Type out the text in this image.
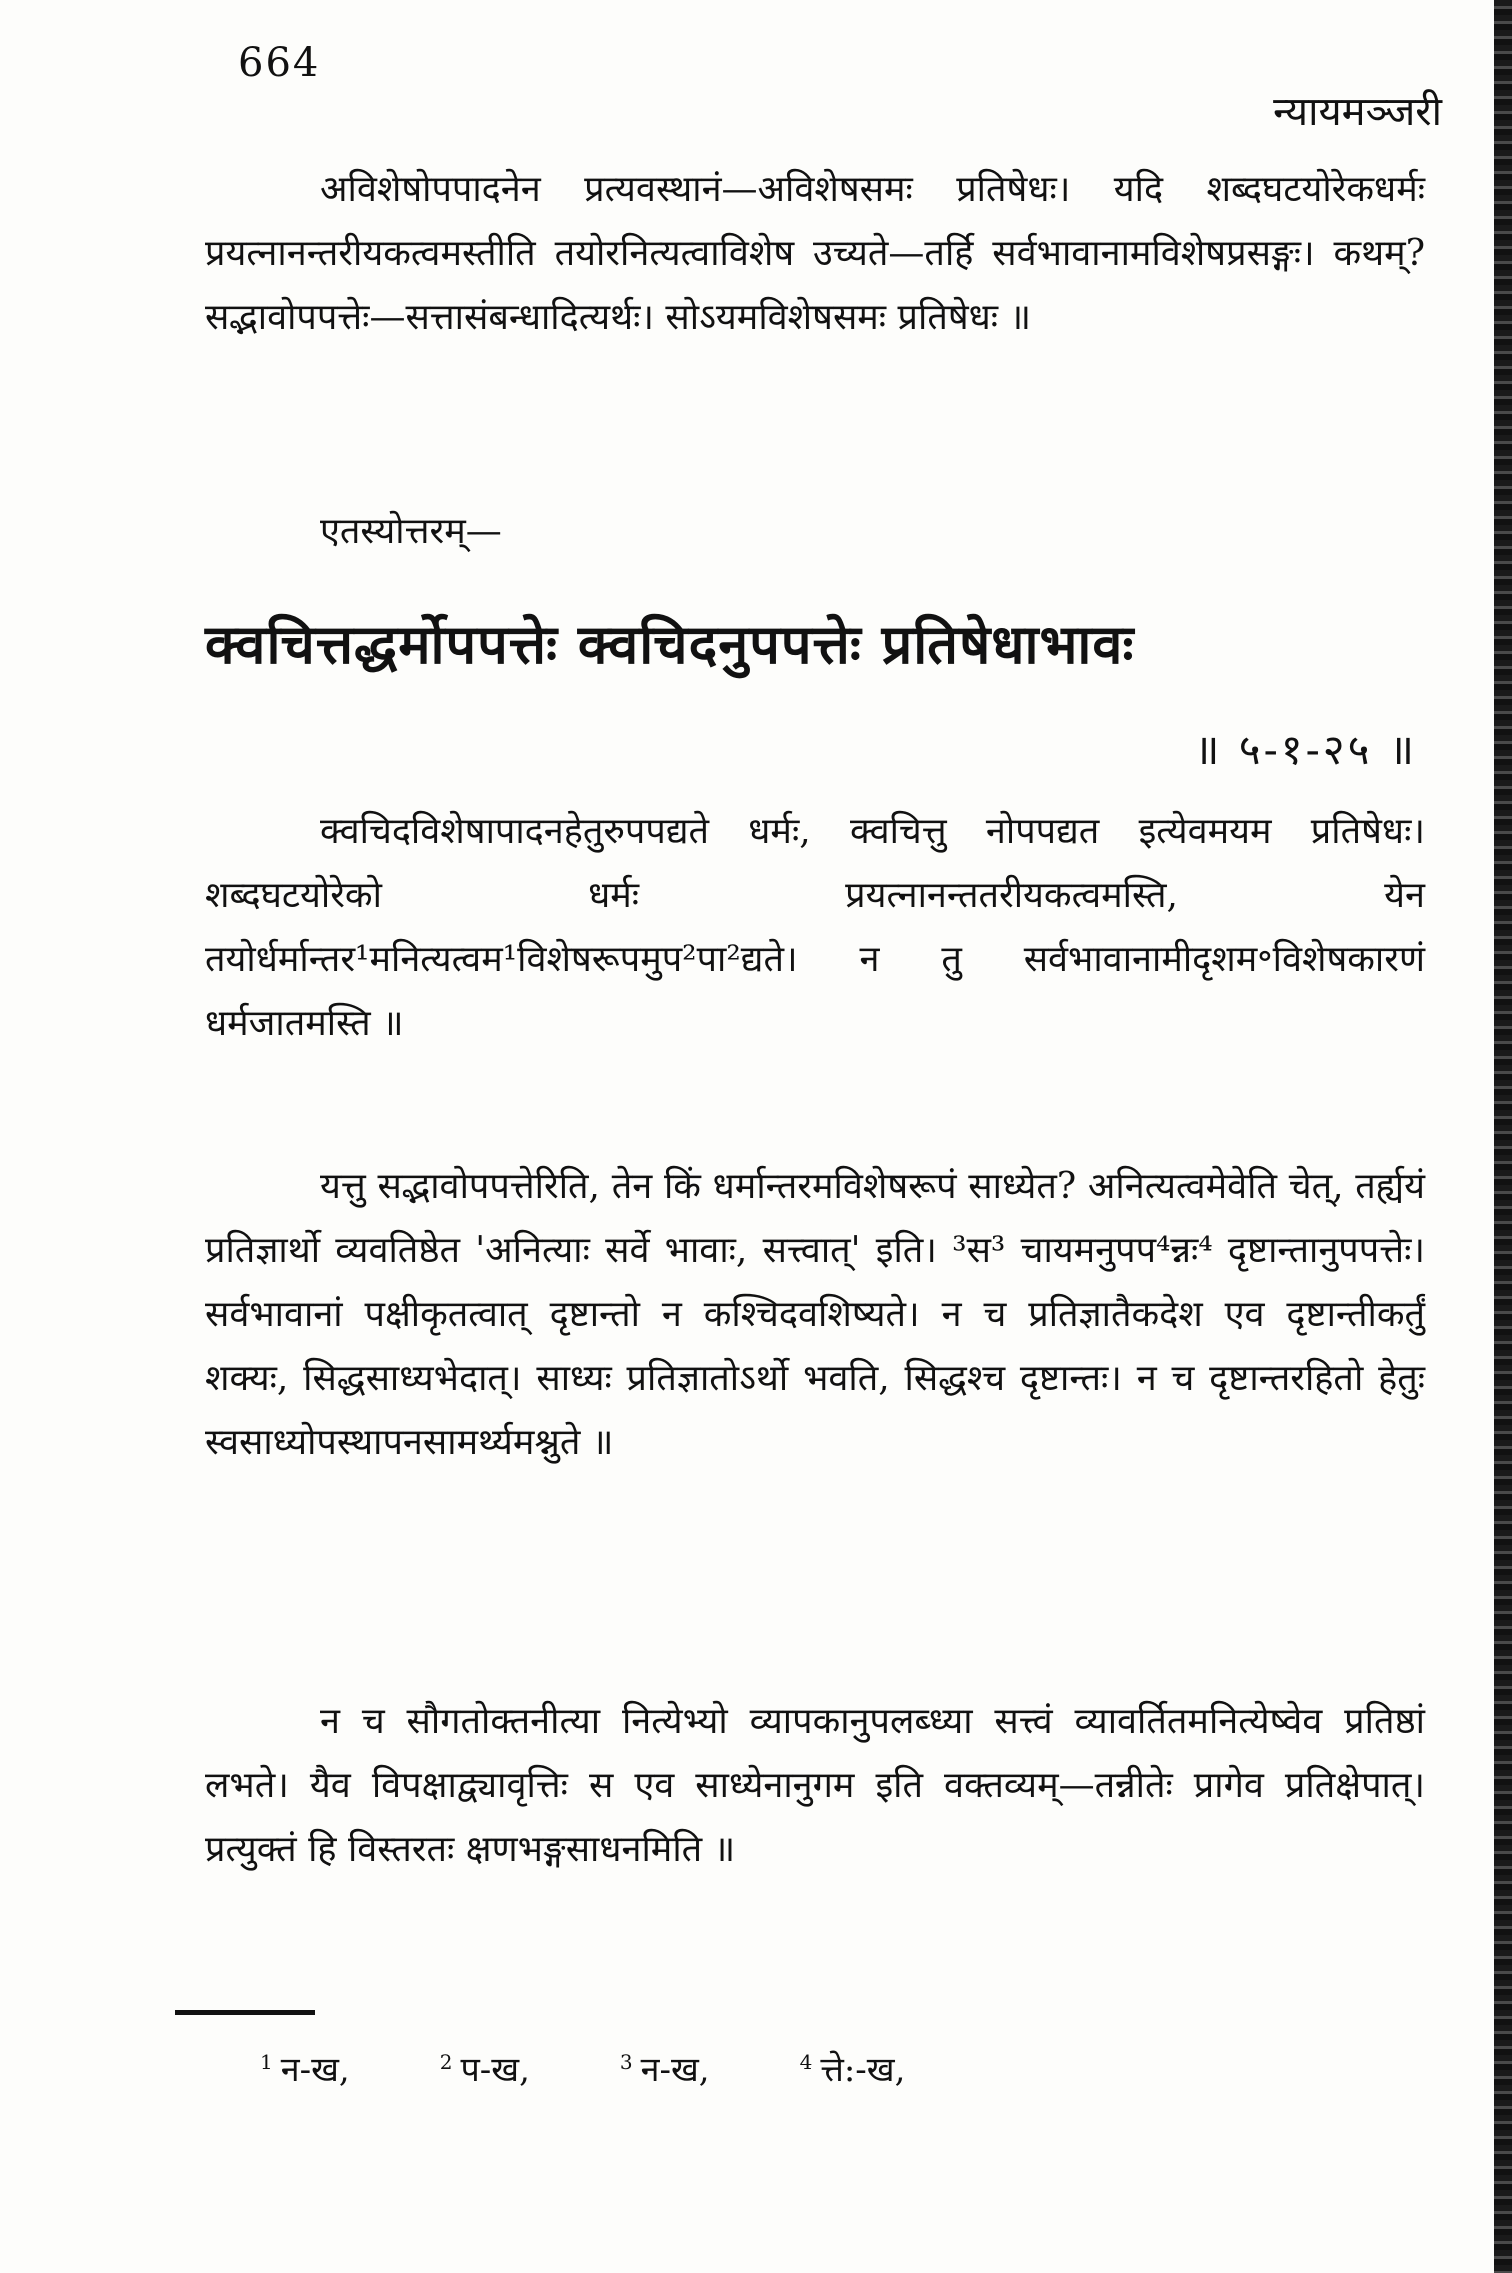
664
न्यायमञ्जरी
अविशेषोपपादनेन प्रत्यवस्थानं—अविशेषसमः प्रतिषेधः। यदि शब्दघटयोरेकधर्मः प्रयत्नानन्तरीयकत्वमस्तीति तयोरनित्यत्वाविशेष उच्यते—तर्हि सर्वभावानामविशेषप्रसङ्गः। कथम्? सद्भावोपपत्तेः—सत्तासंबन्धादित्यर्थः। सोऽयमविशेषसमः प्रतिषेधः ॥
एतस्योत्तरम्—
क्वचित्तद्धर्मोपपत्तेः क्वचिदनुपपत्तेः प्रतिषेधाभावः
॥ ५-१-२५ ॥
क्वचिदविशेषापादनहेतुरुपपद्यते धर्मः, क्वचित्तु नोपपद्यत इत्येवमयम प्रतिषेधः। शब्दघटयोरेको धर्मः प्रयत्नानन्ततरीयकत्वमस्ति, येन तयोर्धर्मान्तर¹मनित्यत्वम¹विशेषरूपमुप²पा²द्यते। न तु सर्वभावानामीदृशम॰विशेषकारणं धर्मजातमस्ति ॥
यत्तु सद्भावोपपत्तेरिति, तेन किं धर्मान्तरमविशेषरूपं साध्येत? अनित्यत्वमेवेति चेत्, तर्ह्ययं प्रतिज्ञार्थो व्यवतिष्ठेत 'अनित्याः सर्वे भावाः, सत्त्वात्' इति। ³स³ चायमनुपप⁴न्नः⁴ दृष्टान्तानुपपत्तेः। सर्वभावानां पक्षीकृतत्वात् दृष्टान्तो न कश्चिदवशिष्यते। न च प्रतिज्ञातैकदेश एव दृष्टान्तीकर्तुं शक्यः, सिद्धसाध्यभेदात्। साध्यः प्रतिज्ञातोऽर्थो भवति, सिद्धश्च दृष्टान्तः। न च दृष्टान्तरहितो हेतुः स्वसाध्योपस्थापनसामर्थ्यमश्नुते ॥
न च सौगतोक्तनीत्या नित्येभ्यो व्यापकानुपलब्ध्या सत्त्वं व्यावर्तितमनित्येष्वेव प्रतिष्ठां लभते। यैव विपक्षाद्व्यावृत्तिः स एव साध्येनानुगम इति वक्तव्यम्—तन्नीतेः प्रागेव प्रतिक्षेपात्। प्रत्युक्तं हि विस्तरतः क्षणभङ्गसाधनमिति ॥
$^1$ न-ख,	$^2$ प-ख,	$^3$ न-ख,	$^4$ त्ते:-ख,
